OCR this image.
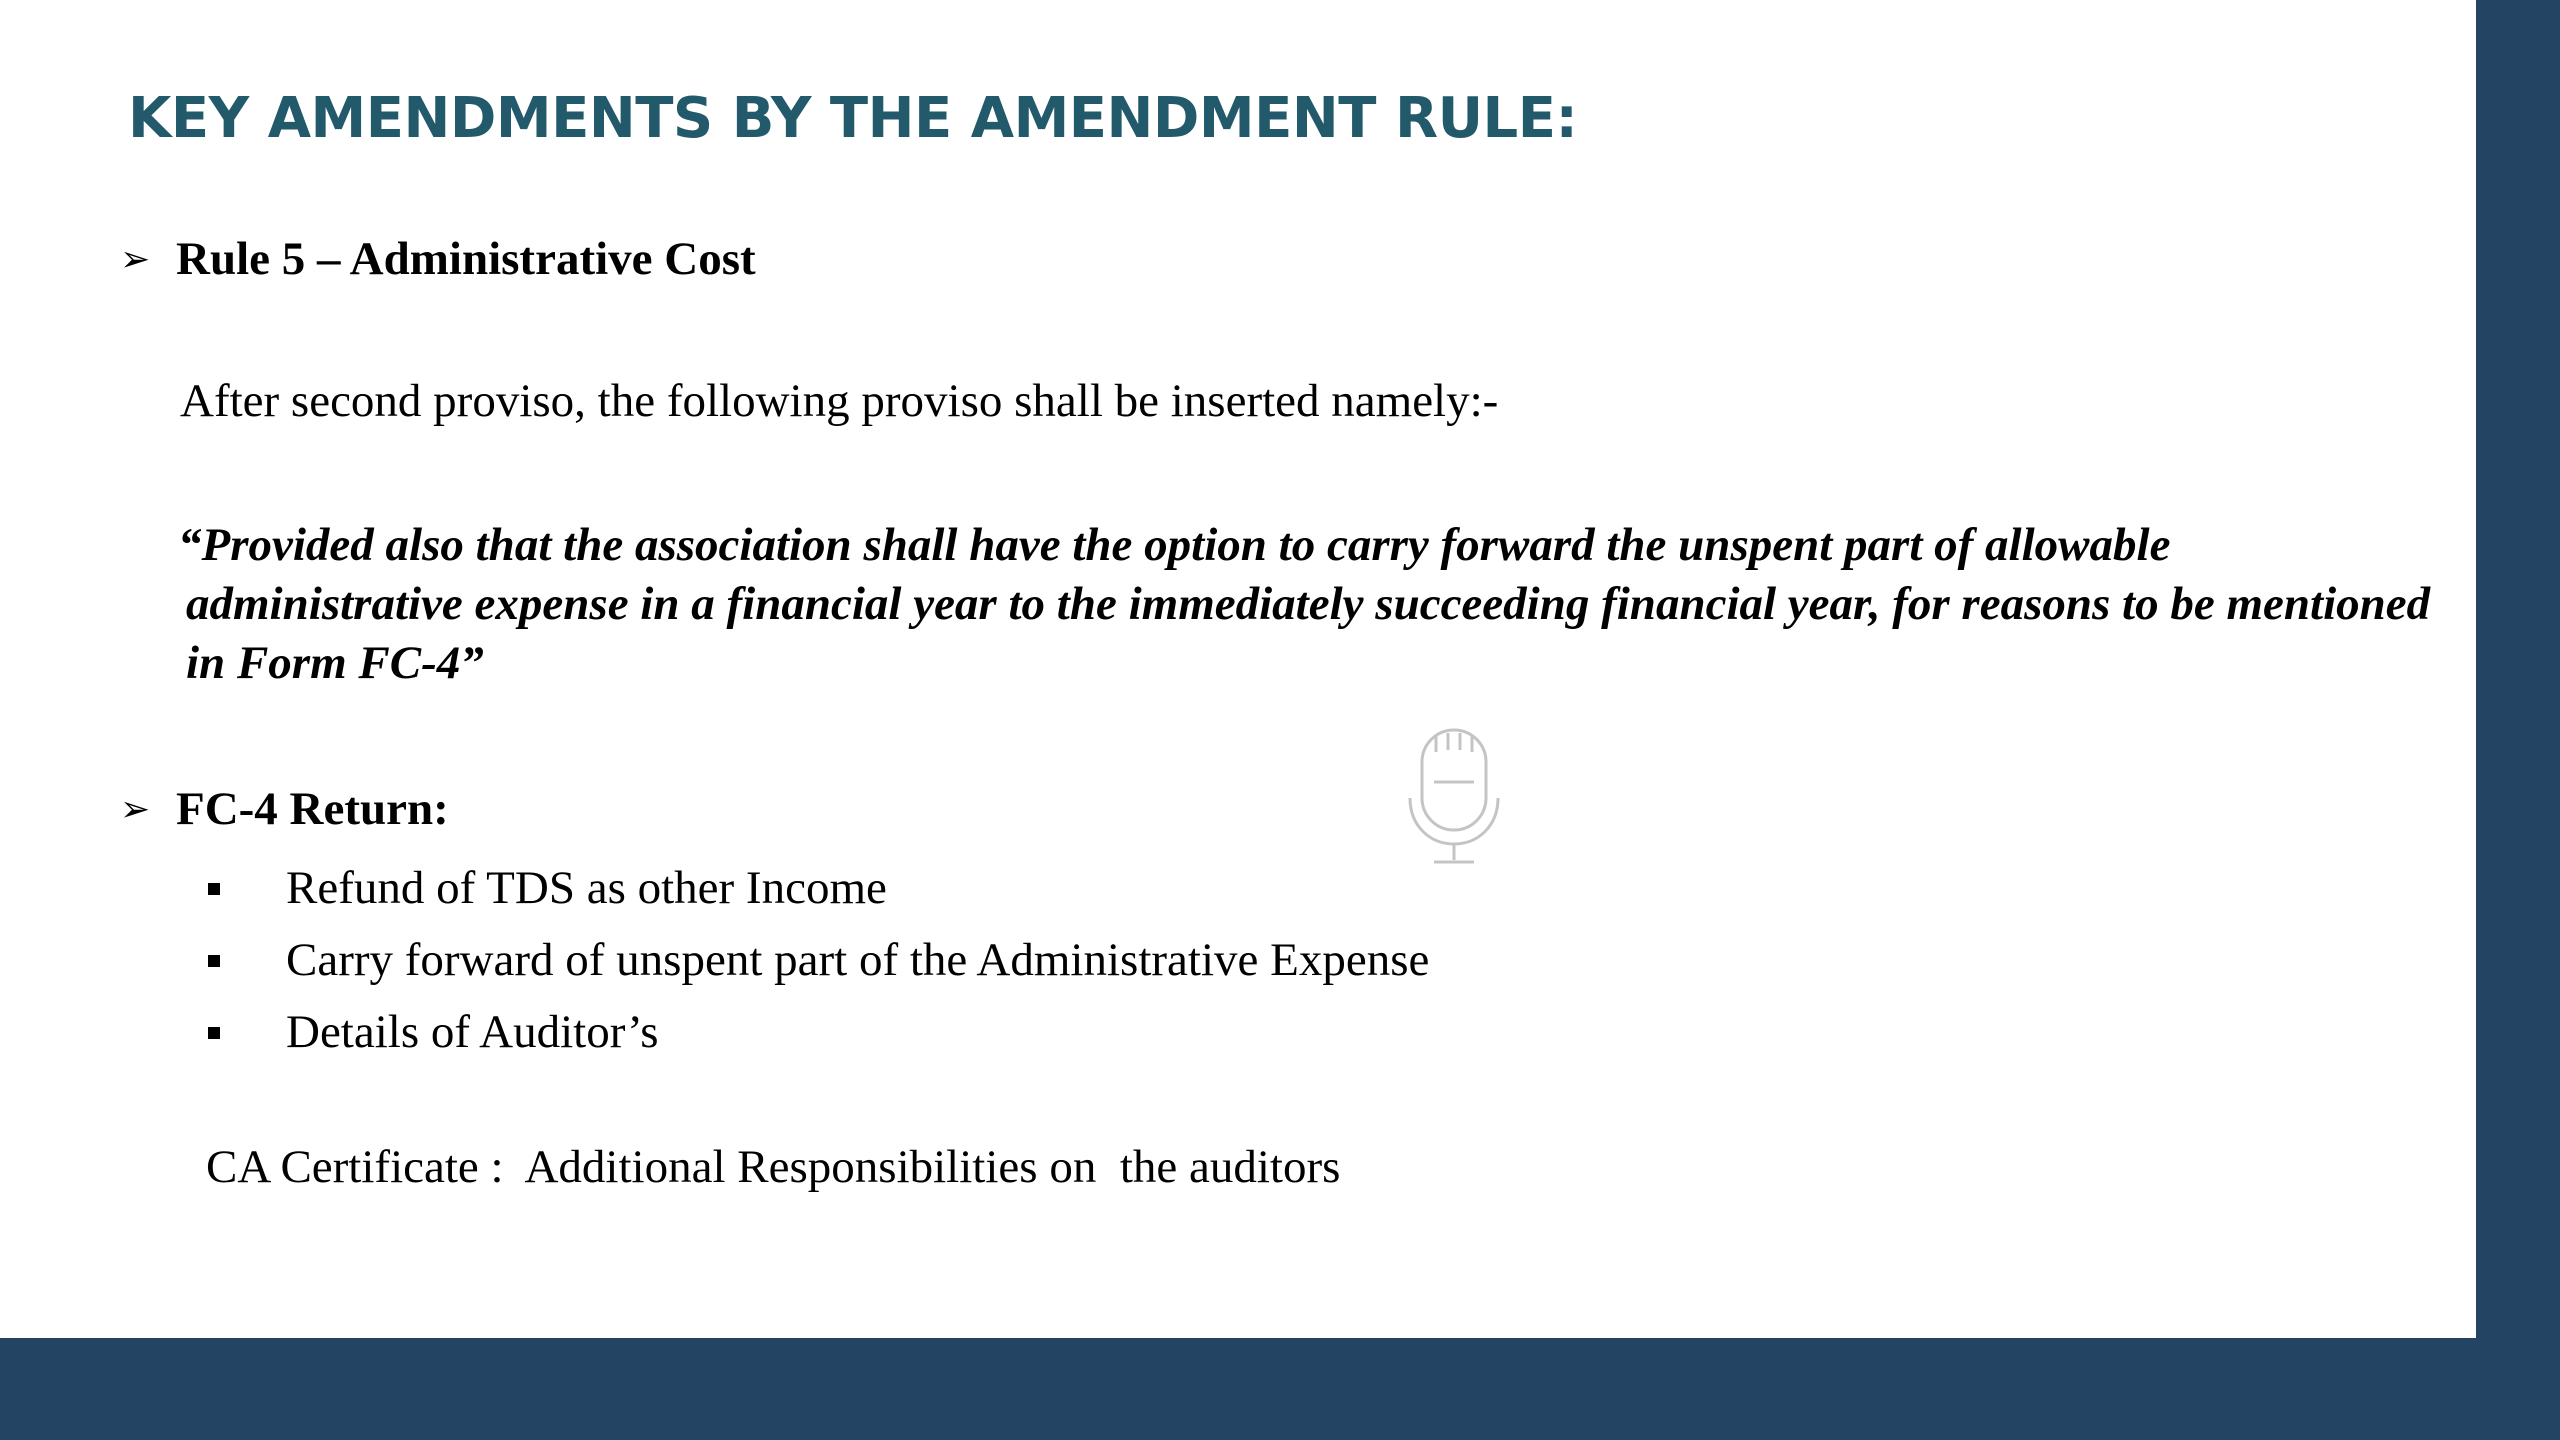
KEY AMENDMENTS BY THE AMENDMENT RULE:
➢ Rule 5 – Administrative Cost
After second proviso, the following proviso shall be inserted namely:-

“Provided also that the association shall have the option to carry forward the unspent part of allowable administrative expense in a financial year to the immediately succeeding financial year, for reasons to be mentioned in Form FC-4”

➢ FC-4 Return:
Refund of TDS as other Income
Carry forward of unspent part of the Administrative Expense
Details of Auditor’s
CA Certificate :  Additional Responsibilities on  the auditors
